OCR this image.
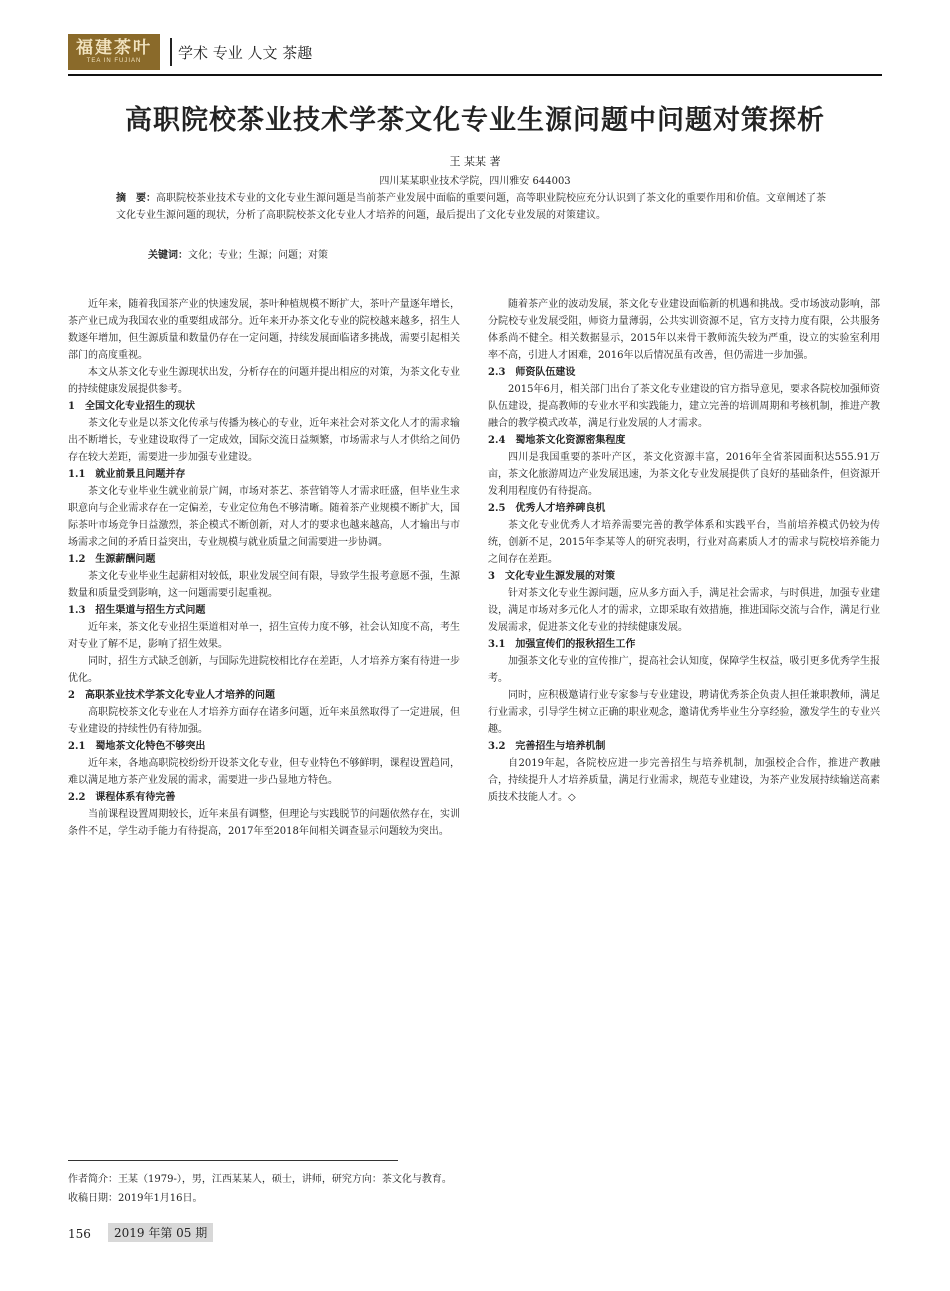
福建茶叶
TEA IN FUJIAN 学术 专业 人文 茶趣
高职院校茶业技术学茶文化专业生源问题中问题对策探析
王 某某 著
四川某某职业技术学院，四川雅安 644003
摘　要：高职院校茶业技术专业的文化专业生源问题是当前茶产业发展中面临的重要问题，高等职业院校应充分认识到了茶文化的重要作用和价值。文章阐述了茶文化专业生源问题的现状，分析了高职院校茶文化专业人才培养的问题，最后提出了文化专业发展的对策建议。
关键词：文化；专业；生源；问题；对策

近年来，随着我国茶产业的快速发展，茶叶种植规模不断扩大，茶叶产量逐年增长，茶产业已成为我国农业的重要组成部分。近年来开办茶文化专业的院校越来越多，招生人数逐年增加，但生源质量和数量仍存在一定问题，持续发展面临诸多挑战，需要引起相关部门的高度重视。

本文从茶文化专业生源现状出发，分析存在的问题并提出相应的对策，为茶文化专业的持续健康发展提供参考。

1　全国文化专业招生的现状

茶文化专业是以茶文化传承与传播为核心的专业，近年来社会对茶文化人才的需求输出不断增长，专业建设取得了一定成效，国际交流日益频繁，市场需求与人才供给之间仍存在较大差距，需要进一步加强专业建设。

1.1　就业前景且问题并存

茶文化专业毕业生就业前景广阔，市场对茶艺、茶营销等人才需求旺盛，但毕业生求职意向与企业需求存在一定偏差，专业定位角色不够清晰。随着茶产业规模不断扩大，国际茶叶市场竞争日益激烈，茶企模式不断创新，对人才的要求也越来越高，人才输出与市场需求之间的矛盾日益突出，专业规模与就业质量之间需要进一步协调。

1.2　生源薪酬问题

茶文化专业毕业生起薪相对较低，职业发展空间有限，导致学生报考意愿不强，生源数量和质量受到影响，这一问题需要引起重视。

1.3　招生渠道与招生方式问题

近年来，茶文化专业招生渠道相对单一，招生宣传力度不够，社会认知度不高，考生对专业了解不足，影响了招生效果。

同时，招生方式缺乏创新，与国际先进院校相比存在差距，人才培养方案有待进一步优化。

2　高职茶业技术学茶文化专业人才培养的问题

高职院校茶文化专业在人才培养方面存在诸多问题，近年来虽然取得了一定进展，但专业建设的持续性仍有待加强。

2.1　蜀地茶文化特色不够突出

近年来，各地高职院校纷纷开设茶文化专业，但专业特色不够鲜明，课程设置趋同，难以满足地方茶产业发展的需求，需要进一步凸显地方特色。

2.2　课程体系有待完善

当前课程设置周期较长，近年来虽有调整，但理论与实践脱节的问题依然存在，实训条件不足，学生动手能力有待提高，2017年至2018年间相关调查显示问题较为突出。

随着茶产业的波动发展，茶文化专业建设面临新的机遇和挑战。受市场波动影响，部分院校专业发展受阻，师资力量薄弱，公共实训资源不足，官方支持力度有限，公共服务体系尚不健全。相关数据显示，2015年以来骨干教师流失较为严重，设立的实验室利用率不高，引进人才困难，2016年以后情况虽有改善，但仍需进一步加强。

2.3　师资队伍建设

2015年6月，相关部门出台了茶文化专业建设的官方指导意见，要求各院校加强师资队伍建设，提高教师的专业水平和实践能力，建立完善的培训周期和考核机制，推进产教融合的教学模式改革，满足行业发展的人才需求。

2.4　蜀地茶文化资源密集程度

四川是我国重要的茶叶产区，茶文化资源丰富，2016年全省茶园面积达555.91万亩，茶文化旅游周边产业发展迅速，为茶文化专业发展提供了良好的基础条件，但资源开发利用程度仍有待提高。

2.5　优秀人才培养碑良机

茶文化专业优秀人才培养需要完善的教学体系和实践平台，当前培养模式仍较为传统，创新不足，2015年李某等人的研究表明，行业对高素质人才的需求与院校培养能力之间存在差距。

3　文化专业生源发展的对策

针对茶文化专业生源问题，应从多方面入手，满足社会需求，与时俱进，加强专业建设，满足市场对多元化人才的需求，立即采取有效措施，推进国际交流与合作，满足行业发展需求，促进茶文化专业的持续健康发展。

3.1　加强宣传们的报秋招生工作

加强茶文化专业的宣传推广，提高社会认知度，保障学生权益，吸引更多优秀学生报考。

同时，应积极邀请行业专家参与专业建设，聘请优秀茶企负责人担任兼职教师，满足行业需求，引导学生树立正确的职业观念，邀请优秀毕业生分享经验，激发学生的专业兴趣。

3.2　完善招生与培养机制

自2019年起，各院校应进一步完善招生与培养机制，加强校企合作，推进产教融合，持续提升人才培养质量，满足行业需求，规范专业建设，为茶产业发展持续输送高素质技术技能人才。◇

作者简介：王某（1979-），男，江西某某人，硕士，讲师，研究方向：茶文化与教育。
收稿日期：2019年1月16日。
156	2019 年第 05 期
